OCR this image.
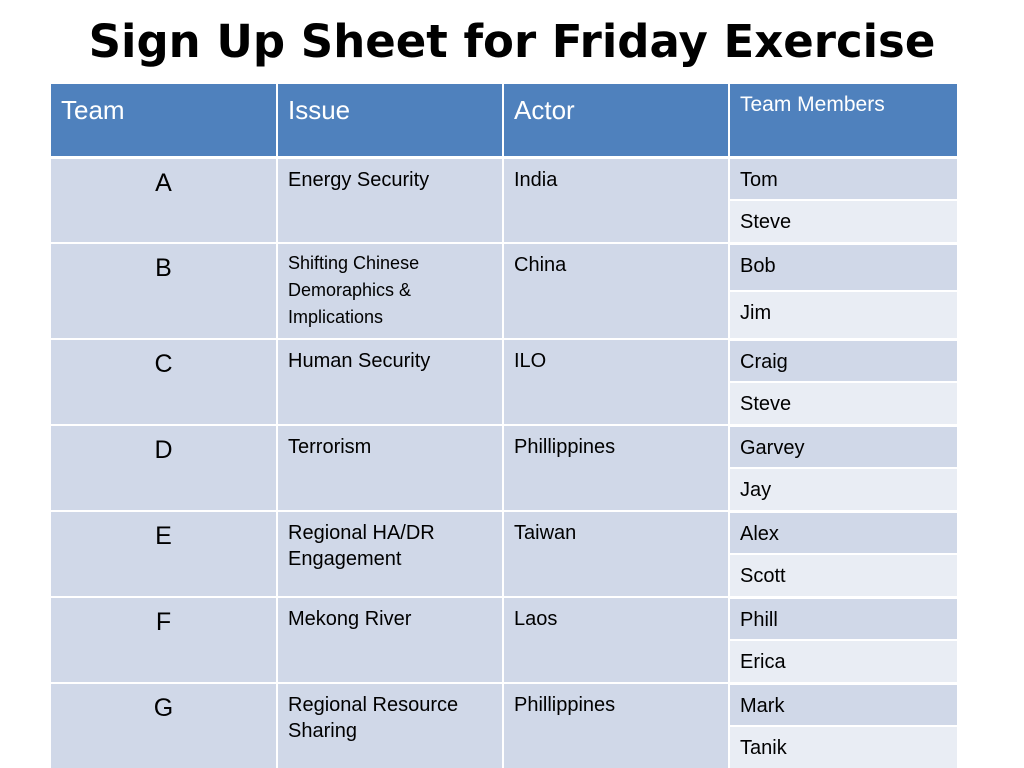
Sign Up Sheet for Friday Exercise
Team	Issue	Actor	Team Members
A	Energy Security	India	Tom
			Steve
B	Shifting Chinese Demoraphics & Implications	China	Bob
			Jim
C	Human Security	ILO	Craig
			Steve
D	Terrorism	Phillippines	Garvey
			Jay
E	Regional HA/DR Engagement	Taiwan	Alex
			Scott
F	Mekong River	Laos	Phill
			Erica
G	Regional Resource Sharing	Phillippines	Mark
			Tanik
